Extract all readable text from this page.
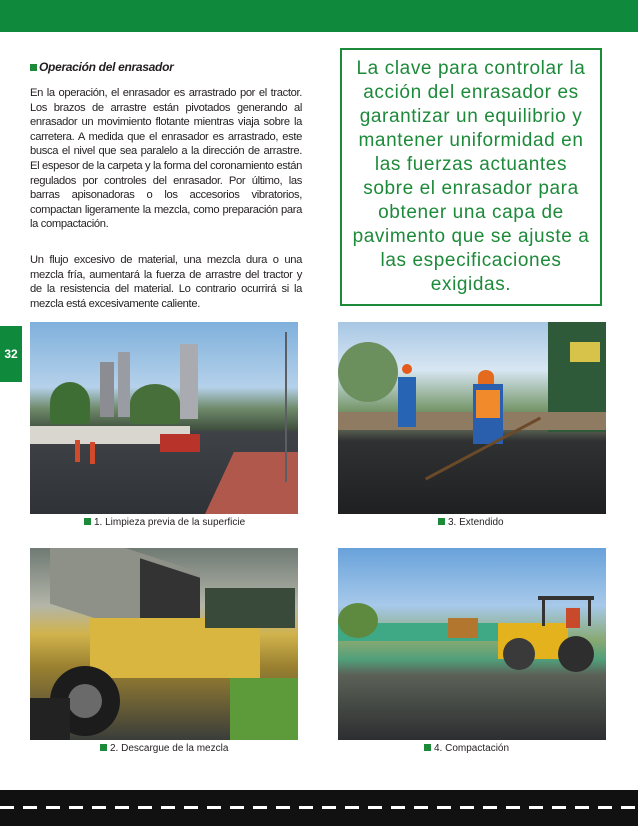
32
Operación del enrasador
En la operación, el enrasador es arrastrado por el tractor. Los brazos de arrastre están pivotados generando al enrasador un movimiento flotante mientras viaja sobre la carretera. A medida que el enrasador es arrastrado, este busca el nivel que sea paralelo a la dirección de arrastre. El espesor de la carpeta y la forma del coronamiento están regulados por controles del enrasador. Por último, las barras apisonadoras o los accesorios vibratorios, compactan ligeramente la mezcla, como preparación para la compactación.
Un flujo excesivo de material, una mezcla dura o una mezcla fría, aumentará la fuerza de arrastre del tractor y de la resistencia del material. Lo contrario ocurrirá si la mezcla está excesivamente caliente.
La clave para controlar la acción del enrasador es garantizar un equilibrio y mantener uniformidad en las fuerzas actuantes sobre el enrasador para obtener una capa de pavimento que se ajuste a las especificaciones exigidas.
1. Limpieza previa de la superficie
2. Descargue de la mezcla
3. Extendido
4. Compactación
